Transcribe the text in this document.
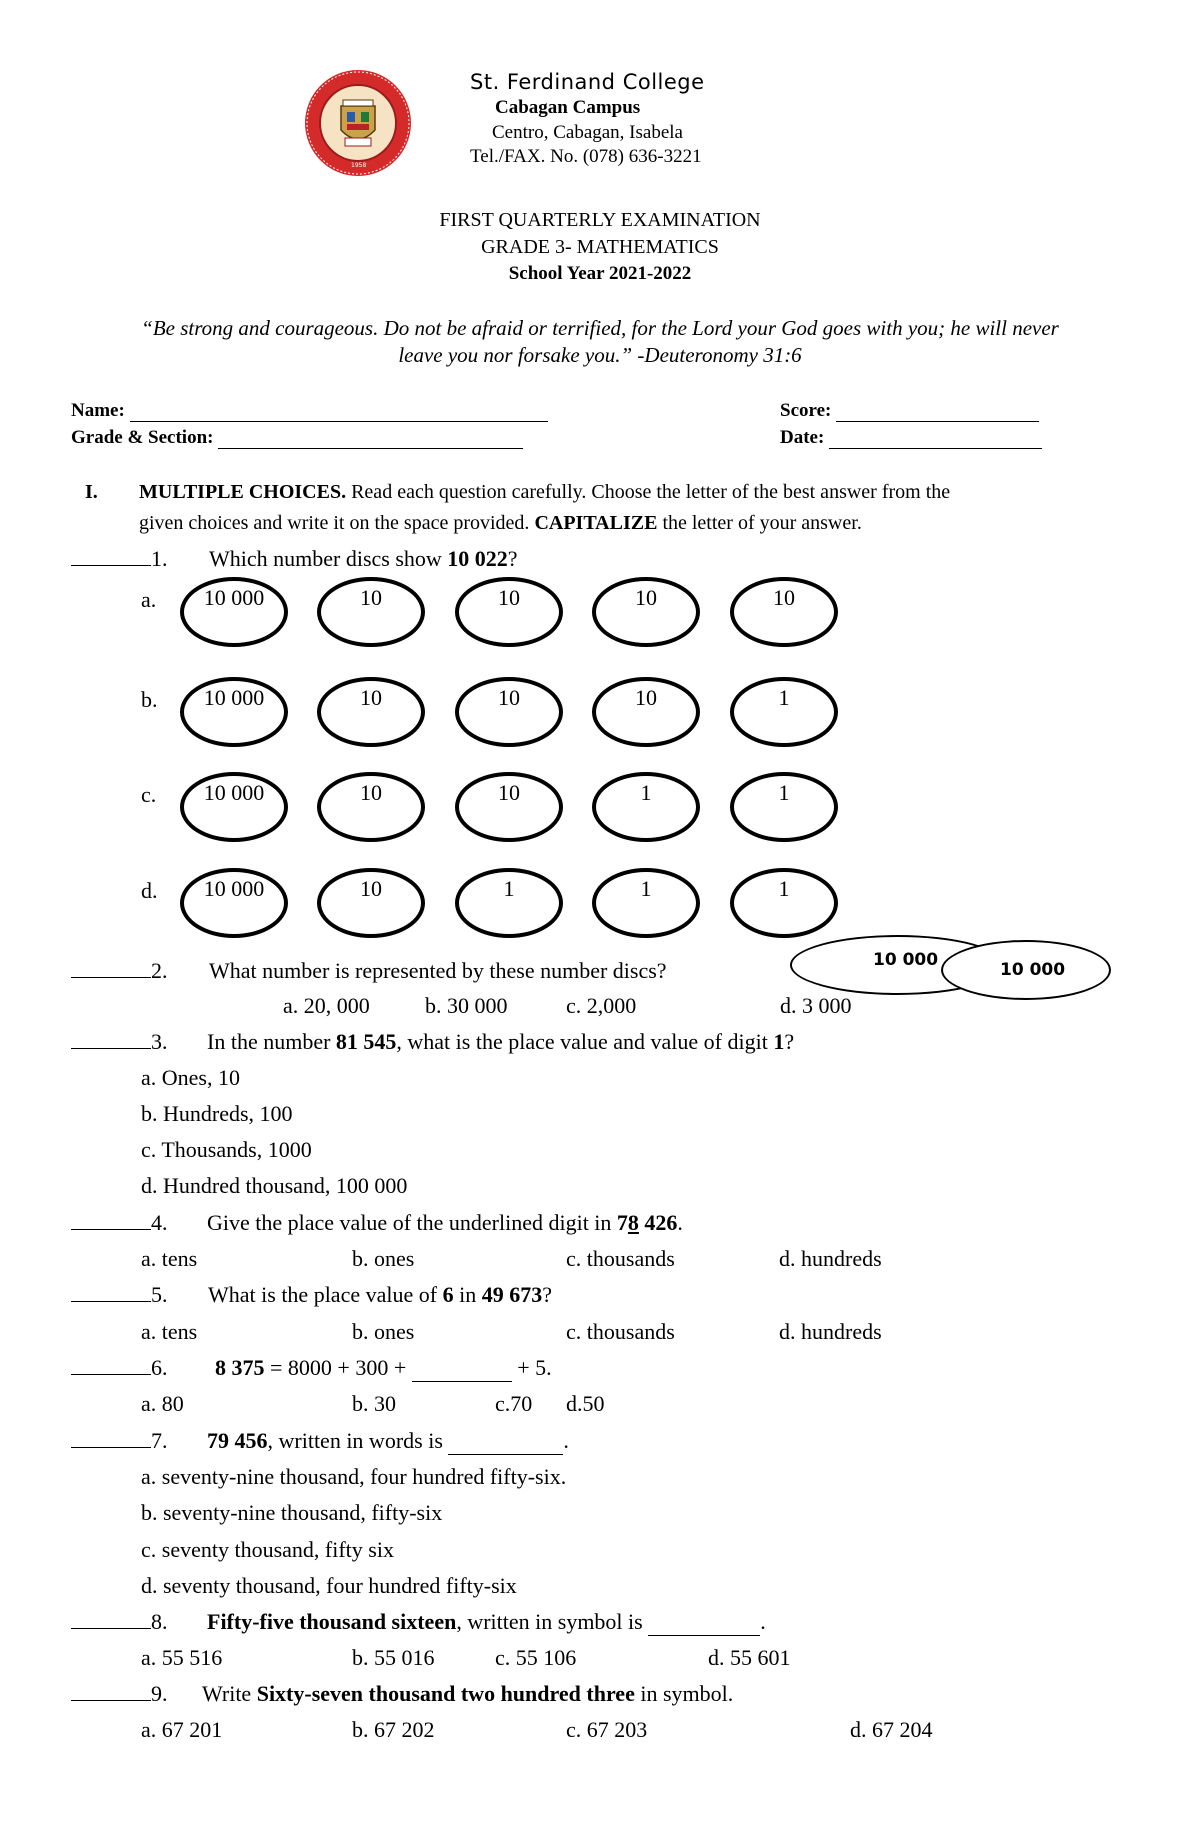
1958
St. Ferdinand College
Cabagan Campus
Centro, Cabagan, Isabela
Tel./FAX. No. (078) 636-3221
FIRST QUARTERLY EXAMINATION
GRADE 3- MATHEMATICS
School Year 2021-2022
“Be strong and courageous. Do not be afraid or terrified, for the Lord your God goes with you; he will never
leave you nor forsake you.” -Deuteronomy 31:6
Name:
Grade & Section:
Score:
Date:
I. MULTIPLE CHOICES. Read each question carefully. Choose the letter of the best answer from the
given choices and write it on the space provided. CAPITALIZE the letter of your answer.
1. Which number discs show 10 022?
a.	10 000	10	10	10	10
b.	10 000	10	10	10	1
c.	10 000	10	10	1	1
d.	10 000	10	1	1	1
2. What number is represented by these number discs?	10 000	10 000
a. 20, 000	b. 30 000	c. 2,000	d. 3 000
3. In the number 81 545, what is the place value and value of digit 1?
a. Ones, 10
b. Hundreds, 100
c. Thousands, 1000
d. Hundred thousand, 100 000
4. Give the place value of the underlined digit in 78 426.
a. tens	b. ones	c. thousands	d. hundreds
5. What is the place value of 6 in 49 673?
a. tens	b. ones	c. thousands	d. hundreds
6. 8 375 = 8000 + 300 +	+ 5.
a. 80	b. 30	c.70 d.50
7. 79 456, written in words is	.
a. seventy-nine thousand, four hundred fifty-six.
b. seventy-nine thousand, fifty-six
c. seventy thousand, fifty six
d. seventy thousand, four hundred fifty-six
8. Fifty-five thousand sixteen, written in symbol is	.
a. 55 516	b. 55 016	c. 55 106	d. 55 601
9. Write Sixty-seven thousand two hundred three in symbol.
a. 67 201	b. 67 202	c. 67 203	d. 67 204
